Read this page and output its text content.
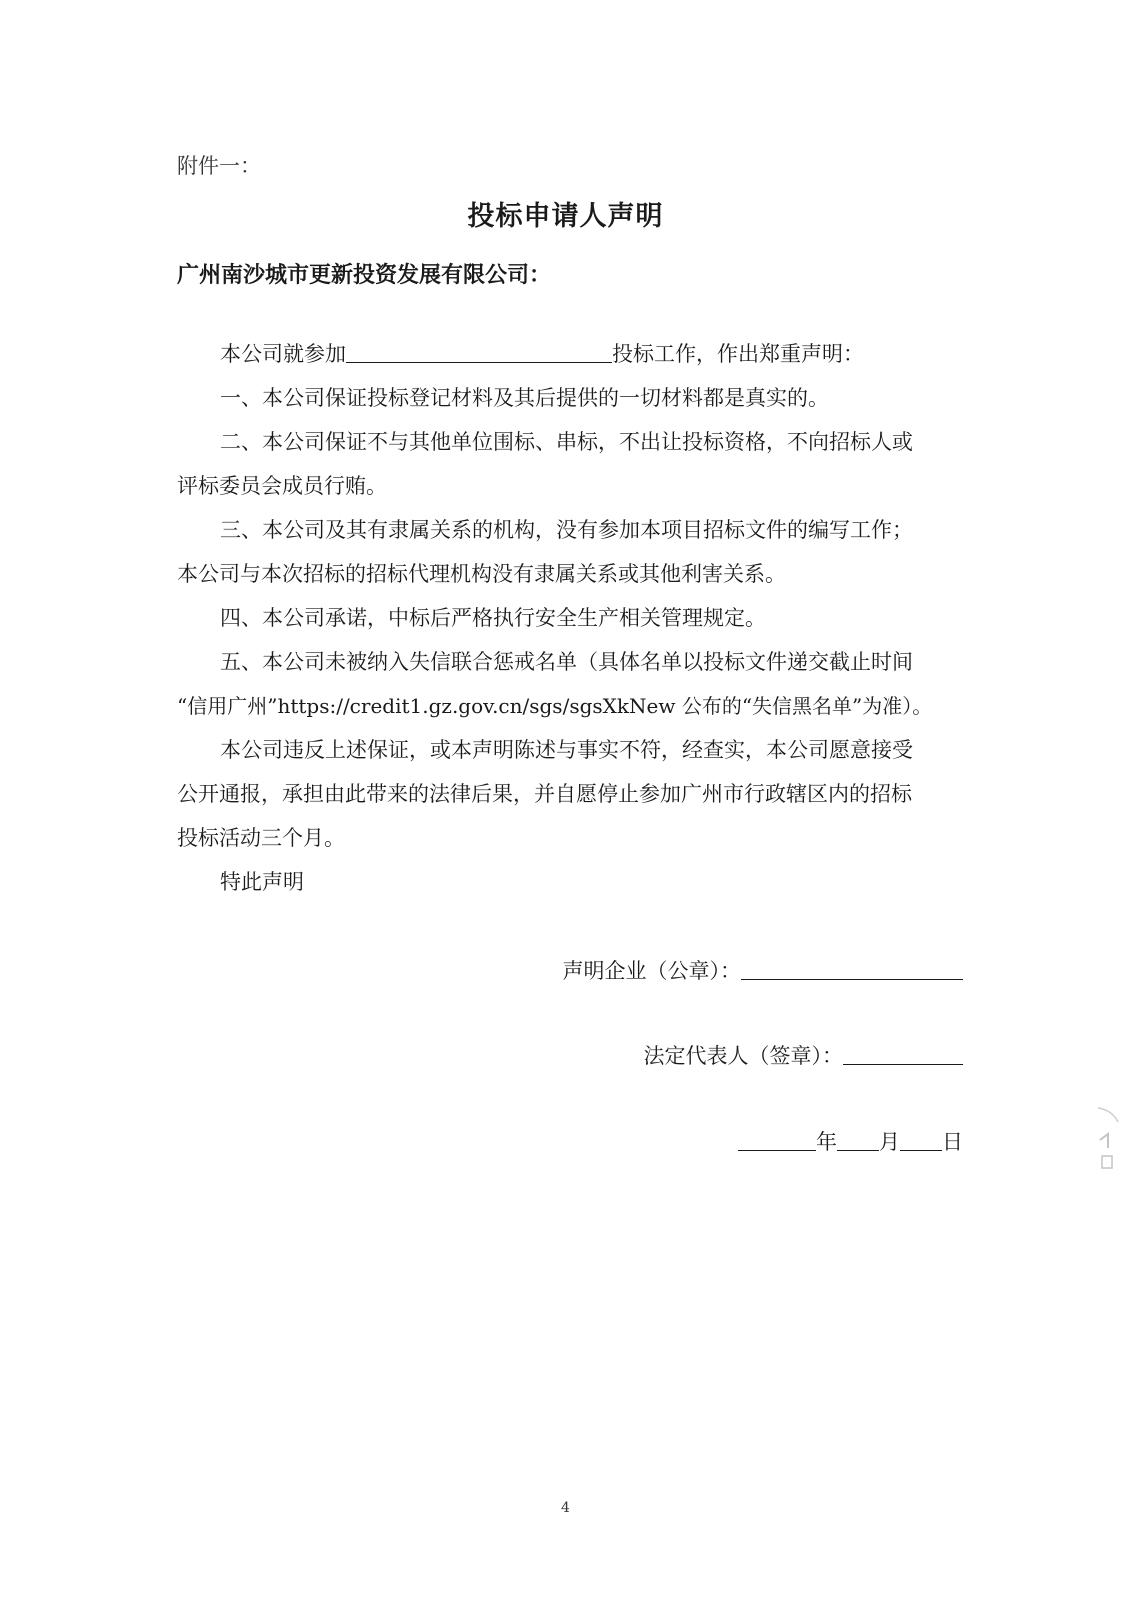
附件一：
投标申请人声明
广州南沙城市更新投资发展有限公司：
本公司就参加	投标工作，作出郑重声明：
一、本公司保证投标登记材料及其后提供的一切材料都是真实的。
二、本公司保证不与其他单位围标、串标，不出让投标资格，不向招标人或
评标委员会成员行贿。
三、本公司及其有隶属关系的机构，没有参加本项目招标文件的编写工作；
本公司与本次招标的招标代理机构没有隶属关系或其他利害关系。
四、本公司承诺，中标后严格执行安全生产相关管理规定。
五、本公司未被纳入失信联合惩戒名单（具体名单以投标文件递交截止时间
“信用广州”https://credit1.gz.gov.cn/sgs/sgsXkNew 公布的“失信黑名单”为准）。
本公司违反上述保证，或本声明陈述与事实不符，经查实，本公司愿意接受
公开通报，承担由此带来的法律后果，并自愿停止参加广州市行政辖区内的招标
投标活动三个月。
特此声明
声明企业（公章）：
法定代表人（签章）：
年 月 日
4
